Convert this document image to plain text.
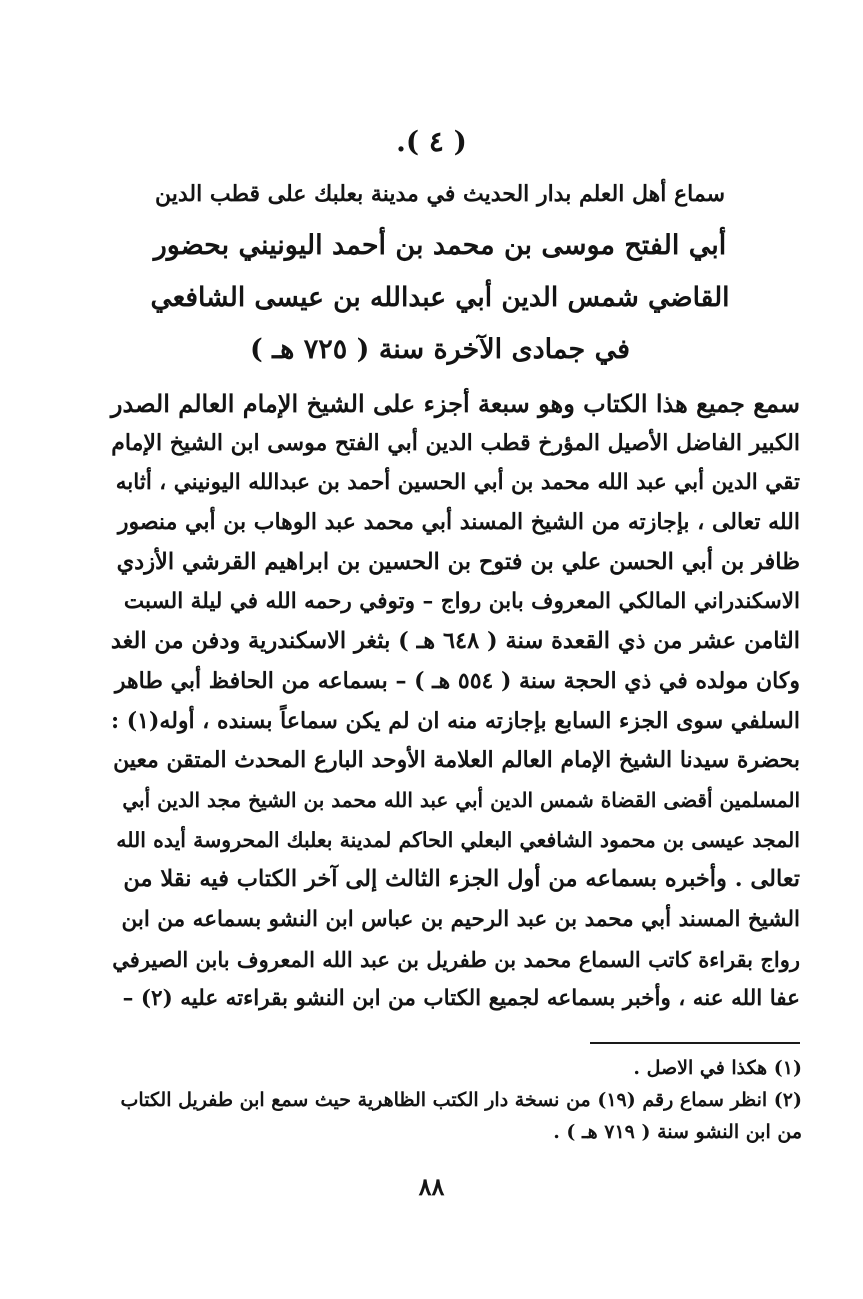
( ٤ ).
سماع أهل العلم بدار الحديث في مدينة بعلبك على قطب الدين
أبي الفتح موسى بن محمد بن أحمد اليونيني بحضور
القاضي شمس الدين أبي عبدالله بن عيسى الشافعي
في جمادى الآخرة سنة ( ٧٢٥ هـ )
سمع جميع هذا الكتاب وهو سبعة أجزء على الشيخ الإمام العالم الصدر
الكبير الفاضل الأصيل المؤرخ قطب الدين أبي الفتح موسى ابن الشيخ الإمام
تقي الدين أبي عبد الله محمد بن أبي الحسين أحمد بن عبدالله اليونيني ، أثابه
الله تعالى ، بإجازته من الشيخ المسند أبي محمد عبد الوهاب بن أبي منصور
ظافر بن أبي الحسن علي بن فتوح بن الحسين بن ابراهيم القرشي الأزدي
الاسكندراني المالكي المعروف بابن رواج – وتوفي رحمه الله في ليلة السبت
الثامن عشر من ذي القعدة سنة ( ٦٤٨ هـ ) بثغر الاسكندرية ودفن من الغد
وكان مولده في ذي الحجة سنة ( ٥٥٤ هـ ) – بسماعه من الحافظ أبي طاهر
السلفي سوى الجزء السابع بإجازته منه ان لم يكن سماعاً بسنده ، أوله(١) :
بحضرة سيدنا الشيخ الإمام العالم العلامة الأوحد البارع المحدث المتقن معين
المسلمين أقضى القضاة شمس الدين أبي عبد الله محمد بن الشيخ مجد الدين أبي
المجد عيسى بن محمود الشافعي البعلي الحاكم لمدينة بعلبك المحروسة أيده الله
تعالى . وأخبره بسماعه من أول الجزء الثالث إلى آخر الكتاب فيه نقلا من
الشيخ المسند أبي محمد بن عبد الرحيم بن عباس ابن النشو بسماعه من ابن
رواج بقراءة كاتب السماع محمد بن طفريل بن عبد الله المعروف بابن الصيرفي
عفا الله عنه ، وأخبر بسماعه لجميع الكتاب من ابن النشو بقراءته عليه (٢) –
(١) هكذا في الاصل .
(٢) انظر سماع رقم (١٩) من نسخة دار الكتب الظاهرية حيث سمع ابن طفريل الكتاب
من ابن النشو سنة ( ٧١٩ هـ ) .
٨٨
